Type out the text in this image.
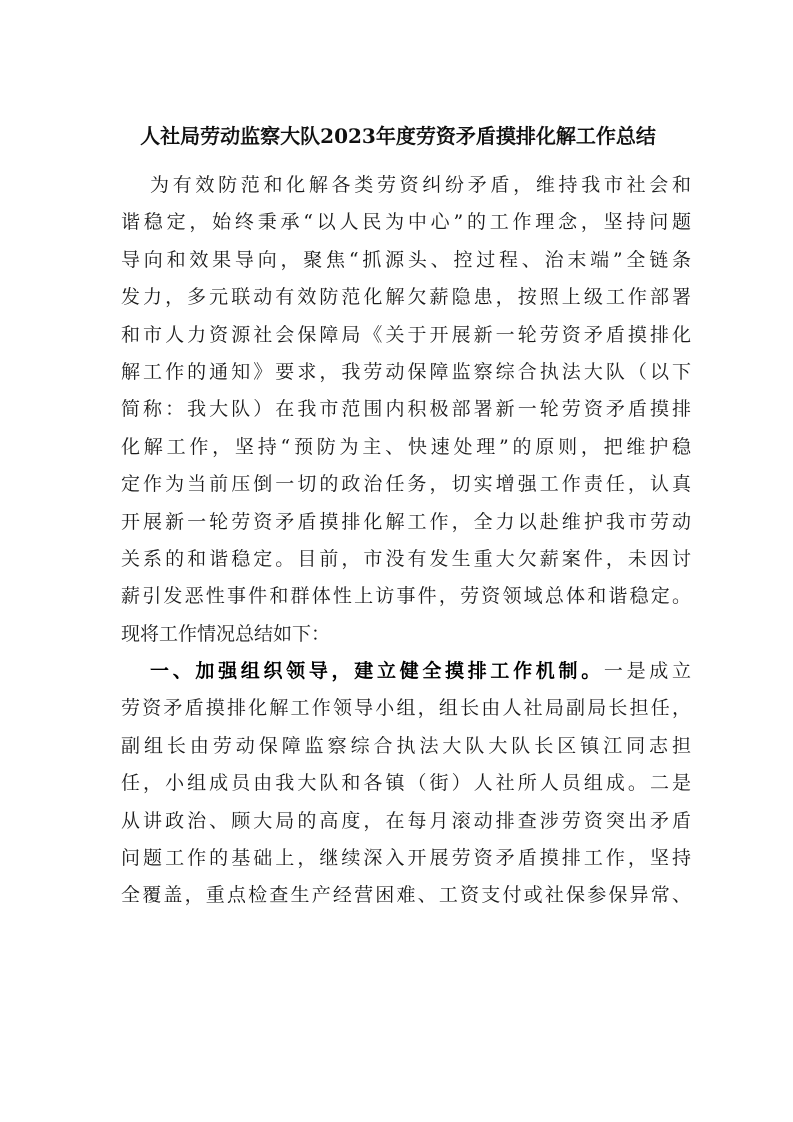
人社局劳动监察大队2023年度劳资矛盾摸排化解工作总结
为有效防范和化解各类劳资纠纷矛盾，维持我市社会和
谐稳定，始终秉承“以人民为中心”的工作理念，坚持问题
导向和效果导向，聚焦“抓源头、控过程、治末端”全链条
发力，多元联动有效防范化解欠薪隐患，按照上级工作部署
和市人力资源社会保障局《关于开展新一轮劳资矛盾摸排化
解工作的通知》要求，我劳动保障监察综合执法大队（以下
简称：我大队）在我市范围内积极部署新一轮劳资矛盾摸排
化解工作，坚持“预防为主、快速处理”的原则，把维护稳
定作为当前压倒一切的政治任务，切实增强工作责任，认真
开展新一轮劳资矛盾摸排化解工作，全力以赴维护我市劳动
关系的和谐稳定。目前，市没有发生重大欠薪案件，未因讨
薪引发恶性事件和群体性上访事件，劳资领域总体和谐稳定。
现将工作情况总结如下：
一、加强组织领导，建立健全摸排工作机制。一是成立
劳资矛盾摸排化解工作领导小组，组长由人社局副局长担任，
副组长由劳动保障监察综合执法大队大队长区镇江同志担
任，小组成员由我大队和各镇（街）人社所人员组成。二是
从讲政治、顾大局的高度，在每月滚动排查涉劳资突出矛盾
问题工作的基础上，继续深入开展劳资矛盾摸排工作，坚持
全覆盖，重点检查生产经营困难、工资支付或社保参保异常、
